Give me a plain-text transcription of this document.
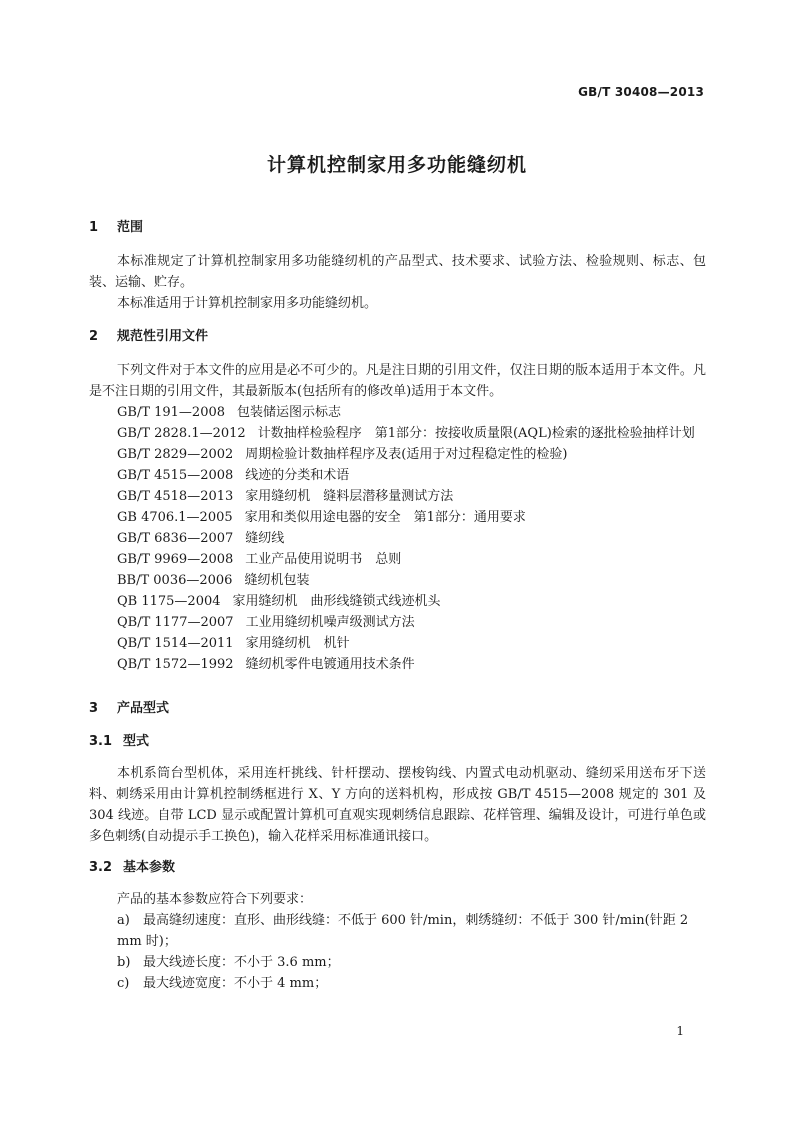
GB/T 30408—2013
计算机控制家用多功能缝纫机
1 范围

本标准规定了计算机控制家用多功能缝纫机的产品型式、技术要求、试验方法、检验规则、标志、包装、运输、贮存。

本标准适用于计算机控制家用多功能缝纫机。

2 规范性引用文件

下列文件对于本文件的应用是必不可少的。凡是注日期的引用文件，仅注日期的版本适用于本文件。凡是不注日期的引用文件，其最新版本(包括所有的修改单)适用于本文件。

GB/T 191—2008 包装储运图示标志

GB/T 2828.1—2012 计数抽样检验程序　第1部分：按接收质量限(AQL)检索的逐批检验抽样计划

GB/T 2829—2002 周期检验计数抽样程序及表(适用于对过程稳定性的检验)

GB/T 4515—2008 线迹的分类和术语

GB/T 4518—2013 家用缝纫机　缝料层潜移量测试方法

GB 4706.1—2005 家用和类似用途电器的安全　第1部分：通用要求

GB/T 6836—2007 缝纫线

GB/T 9969—2008 工业产品使用说明书　总则

BB/T 0036—2006 缝纫机包装

QB 1175—2004 家用缝纫机　曲形线缝锁式线迹机头

QB/T 1177—2007 工业用缝纫机噪声级测试方法

QB/T 1514—2011 家用缝纫机　机针

QB/T 1572—1992 缝纫机零件电镀通用技术条件

3 产品型式
3.1 型式

本机系筒台型机体，采用连杆挑线、针杆摆动、摆梭钩线、内置式电动机驱动、缝纫采用送布牙下送料、刺绣采用由计算机控制绣框进行 X、Y 方向的送料机构，形成按 GB/T 4515—2008 规定的 301 及 304 线迹。自带 LCD 显示或配置计算机可直观实现刺绣信息跟踪、花样管理、编辑及设计，可进行单色或多色刺绣(自动提示手工换色)，输入花样采用标准通讯接口。

3.2 基本参数

产品的基本参数应符合下列要求：

a) 最高缝纫速度：直形、曲形线缝：不低于 600 针/min，刺绣缝纫：不低于 300 针/min(针距 2 mm 时)；

b) 最大线迹长度：不小于 3.6 mm；

c) 最大线迹宽度：不小于 4 mm；

1
